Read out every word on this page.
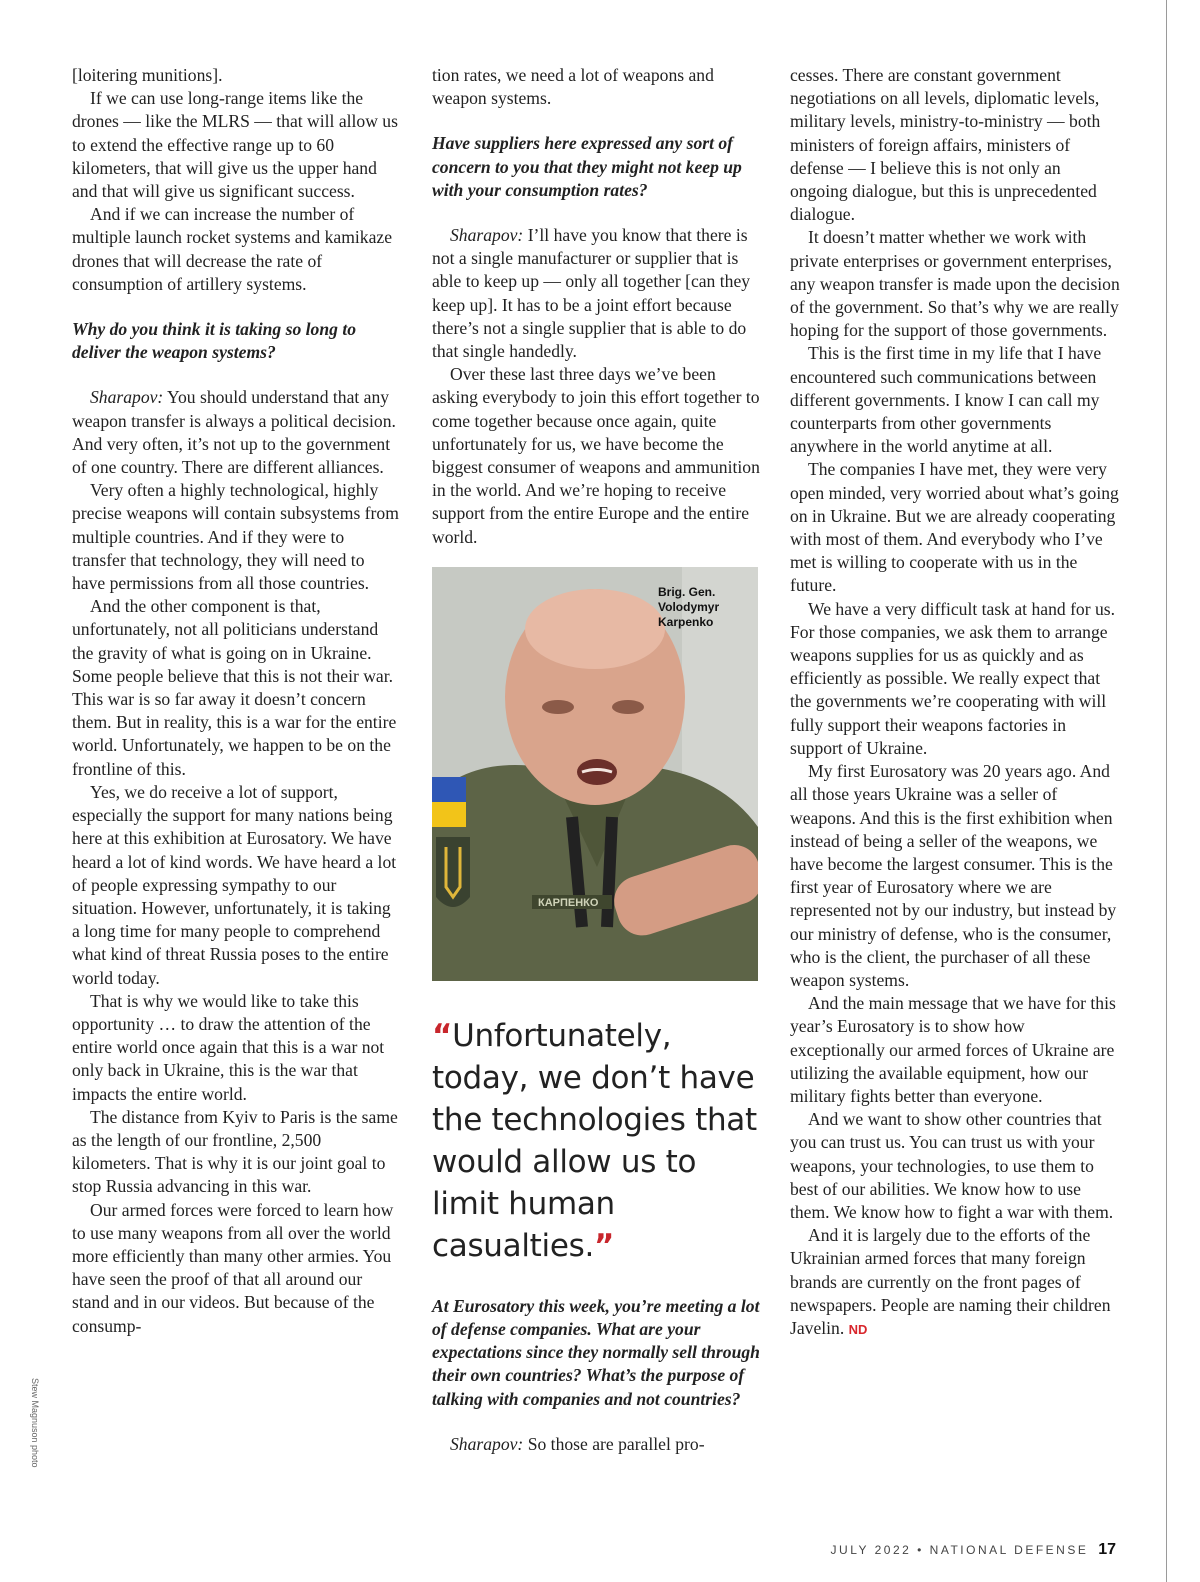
[loitering munitions].

If we can use long-range items like the drones — like the MLRS — that will allow us to extend the effective range up to 60 kilometers, that will give us the upper hand and that will give us significant success.

And if we can increase the number of multiple launch rocket systems and kamikaze drones that will decrease the rate of consumption of artillery systems.

Why do you think it is taking so long to deliver the weapon systems?

Sharapov: You should understand that any weapon transfer is always a political decision. And very often, it’s not up to the government of one country. There are different alliances.

Very often a highly technological, highly precise weapons will contain subsystems from multiple countries. And if they were to transfer that technology, they will need to have permissions from all those countries.

And the other component is that, unfortunately, not all politicians understand the gravity of what is going on in Ukraine. Some people believe that this is not their war. This war is so far away it doesn’t concern them. But in reality, this is a war for the entire world. Unfortunately, we happen to be on the frontline of this.

Yes, we do receive a lot of support, especially the support for many nations being here at this exhibition at Eurosatory. We have heard a lot of kind words. We have heard a lot of people expressing sympathy to our situation. However, unfortunately, it is taking a long time for many people to comprehend what kind of threat Russia poses to the entire world today.

That is why we would like to take this opportunity … to draw the attention of the entire world once again that this is a war not only back in Ukraine, this is the war that impacts the entire world.

The distance from Kyiv to Paris is the same as the length of our frontline, 2,500 kilometers. That is why it is our joint goal to stop Russia advancing in this war.

Our armed forces were forced to learn how to use many weapons from all over the world more efficiently than many other armies. You have seen the proof of that all around our stand and in our videos. But because of the consump-

tion rates, we need a lot of weapons and weapon systems.

Have suppliers here expressed any sort of concern to you that they might not keep up with your consumption rates?

Sharapov: I’ll have you know that there is not a single manufacturer or supplier that is able to keep up — only all together [can they keep up]. It has to be a joint effort because there’s not a single supplier that is able to do that single handedly.

Over these last three days we’ve been asking everybody to join this effort together to come together because once again, quite unfortunately for us, we have become the biggest consumer of weapons and ammunition in the world. And we’re hoping to receive support from the entire Europe and the entire world.

КАРПЕНКО
Brig. Gen.
Volodymyr
Karpenko
“Unfortunately, today, we don’t have the technologies that would allow us to limit human casualties.”

At Eurosatory this week, you’re meeting a lot of defense companies. What are your expectations since they normally sell through their own countries? What’s the purpose of talking with companies and not countries?

Sharapov: So those are parallel pro-

cesses. There are constant government negotiations on all levels, diplomatic levels, military levels, ministry-to-ministry — both ministers of foreign affairs, ministers of defense — I believe this is not only an ongoing dialogue, but this is unprecedented dialogue.

It doesn’t matter whether we work with private enterprises or government enterprises, any weapon transfer is made upon the decision of the government. So that’s why we are really hoping for the support of those governments.

This is the first time in my life that I have encountered such communications between different governments. I know I can call my counterparts from other governments anywhere in the world anytime at all.

The companies I have met, they were very open minded, very worried about what’s going on in Ukraine. But we are already cooperating with most of them. And everybody who I’ve met is willing to cooperate with us in the future.

We have a very difficult task at hand for us. For those companies, we ask them to arrange weapons supplies for us as quickly and as efficiently as possible. We really expect that the governments we’re cooperating with will fully support their weapons factories in support of Ukraine.

My first Eurosatory was 20 years ago. And all those years Ukraine was a seller of weapons. And this is the first exhibition when instead of being a seller of the weapons, we have become the largest consumer. This is the first year of Eurosatory where we are represented not by our industry, but instead by our ministry of defense, who is the consumer, who is the client, the purchaser of all these weapon systems.

And the main message that we have for this year’s Eurosatory is to show how exceptionally our armed forces of Ukraine are utilizing the available equipment, how our military fights better than everyone.

And we want to show other countries that you can trust us. You can trust us with your weapons, your technologies, to use them to best of our abilities. We know how to use them. We know how to fight a war with them.

And it is largely due to the efforts of the Ukrainian armed forces that many foreign brands are currently on the front pages of newspapers. People are naming their children Javelin. ND

Stew Magnuson photo
JULY 2022 • NATIONAL DEFENSE 17
